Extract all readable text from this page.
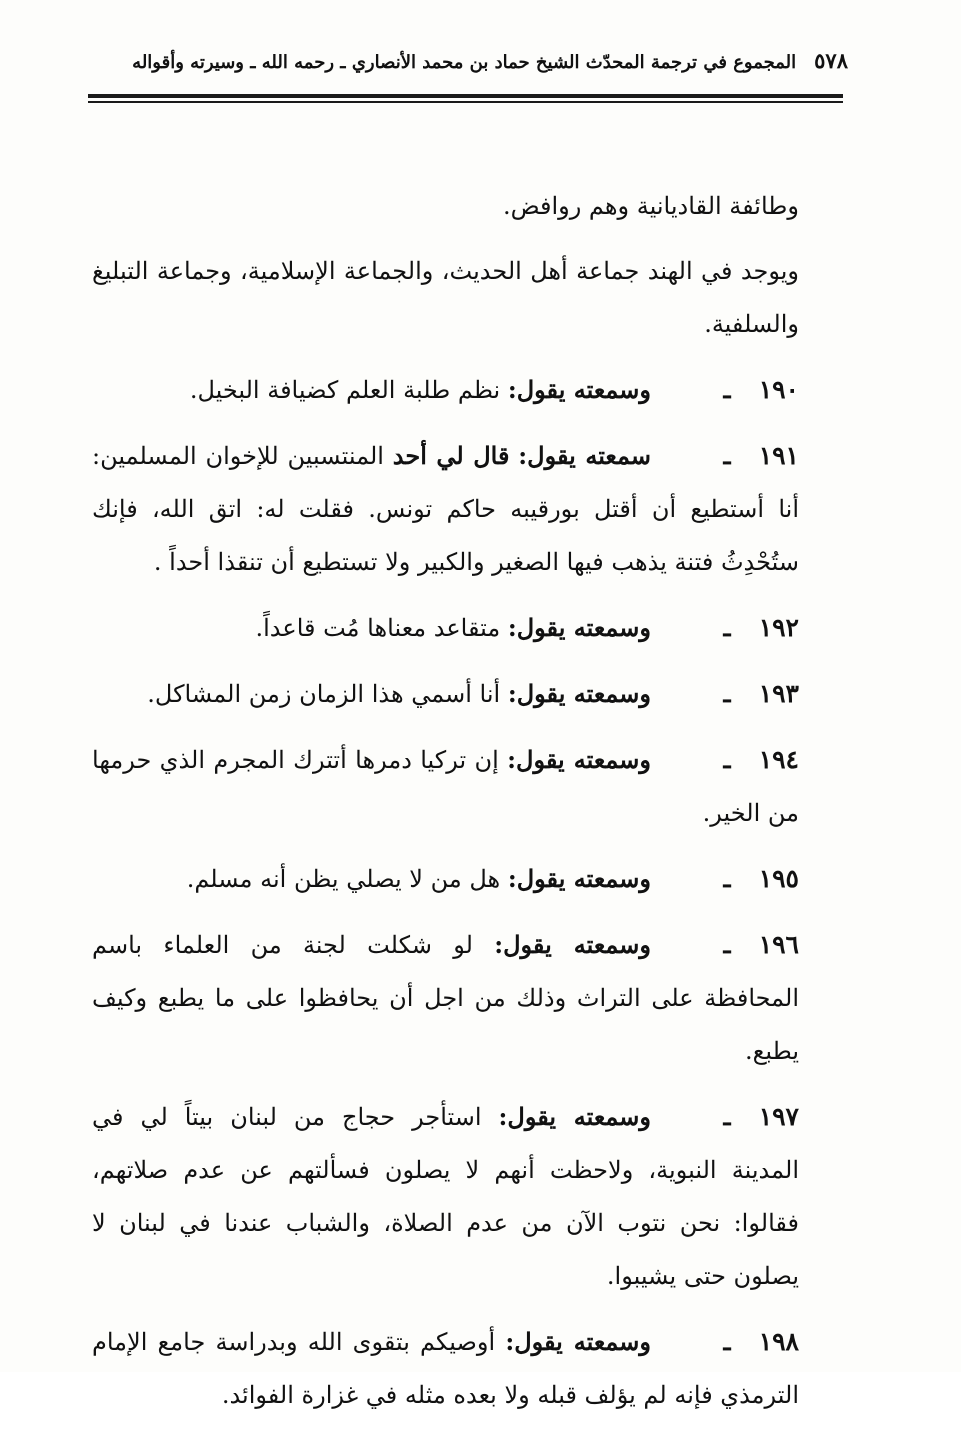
٥٧٨
المجموع في ترجمة المحدّث الشيخ حماد بن محمد الأنصاري ـ رحمه الله ـ وسيرته وأقواله

وطائفة القاديانية وهم روافض.

ويوجد في الهند جماعة أهل الحديث، والجماعة الإسلامية، وجماعة التبليغ والسلفية.

١٩٠ـوسمعته يقول: نظم طلبة العلم كضيافة البخيل.

١٩١ـسمعته يقول: قال لي أحد المنتسبين للإخوان المسلمين: أنا أستطيع أن أقتل بورقيبه حاكم تونس. فقلت له: اتق الله، فإنك ستُحْدِثُ فتنة يذهب فيها الصغير والكبير ولا تستطيع أن تنقذا أحداً .

١٩٢ـوسمعته يقول: متقاعد معناها مُت قاعداً.

١٩٣ـوسمعته يقول: أنا أسمي هذا الزمان زمن المشاكل.

١٩٤ـوسمعته يقول: إن تركيا دمرها أتترك المجرم الذي حرمها من الخير.

١٩٥ـوسمعته يقول: هل من لا يصلي يظن أنه مسلم.

١٩٦ـوسمعته يقول: لو شكلت لجنة من العلماء باسم المحافظة على التراث وذلك من اجل أن يحافظوا على ما يطبع وكيف يطبع.

١٩٧ـوسمعته يقول: استأجر حجاج من لبنان بيتاً لي في المدينة النبوية، ولاحظت أنهم لا يصلون فسألتهم عن عدم صلاتهم، فقالوا: نحن نتوب الآن من عدم الصلاة، والشباب عندنا في لبنان لا يصلون حتى يشيبوا.

١٩٨ـوسمعته يقول: أوصيكم بتقوى الله وبدراسة جامع الإمام الترمذي فإنه لم يؤلف قبله ولا بعده مثله في غزارة الفوائد.
